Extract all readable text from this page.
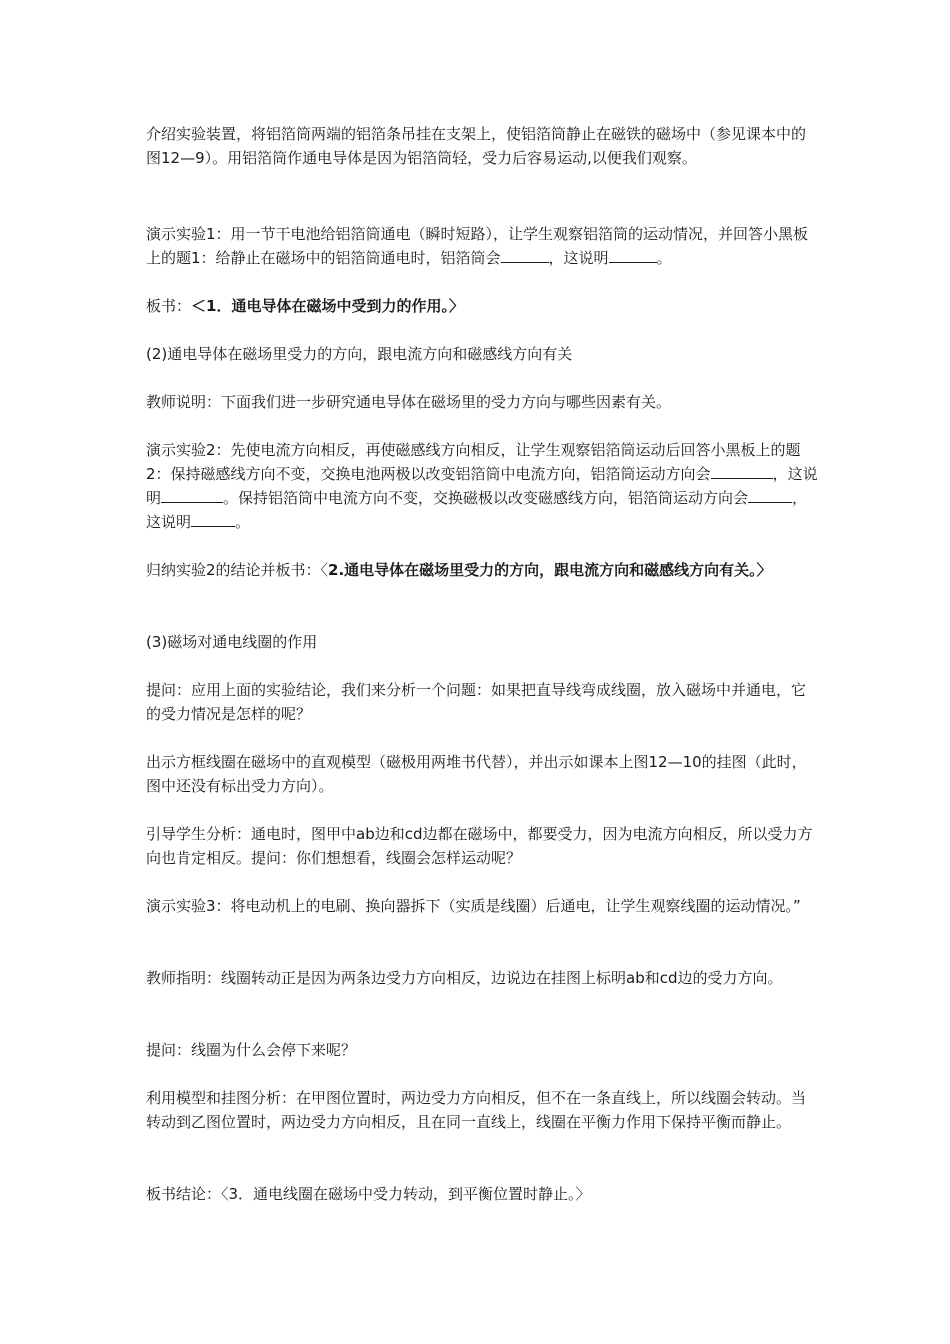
介绍实验装置，将铝箔筒两端的铝箔条吊挂在支架上，使铝箔筒静止在磁铁的磁场中（参见课本中的图12—9）。用铝箔筒作通电导体是因为铝箔筒轻，受力后容易运动,以便我们观察。

演示实验1：用一节干电池给铝箔筒通电（瞬时短路），让学生观察铝箔筒的运动情况，并回答小黑板上的题1：给静止在磁场中的铝箔筒通电时，铝箔筒会	，这说明	。

板书：＜1．通电导体在磁场中受到力的作用。〉

(2)通电导体在磁场里受力的方向，跟电流方向和磁感线方向有关

教师说明：下面我们进一步研究通电导体在磁场里的受力方向与哪些因素有关。

演示实验2：先使电流方向相反，再使磁感线方向相反，让学生观察铝箔筒运动后回答小黑板上的题2：保持磁感线方向不变，交换电池两极以改变铝箔筒中电流方向，铝箔筒运动方向会	，这说明	。保持铝箔筒中电流方向不变，交换磁极以改变磁感线方向，铝箔筒运动方向会	，这说明	。

归纳实验2的结论并板书：〈2.通电导体在磁场里受力的方向，跟电流方向和磁感线方向有关。〉

(3)磁场对通电线圈的作用

提问：应用上面的实验结论，我们来分析一个问题：如果把直导线弯成线圈，放入磁场中并通电，它的受力情况是怎样的呢？

出示方框线圈在磁场中的直观模型（磁极用两堆书代替），并出示如课本上图12—10的挂图（此时，图中还没有标出受力方向）。

引导学生分析：通电时，图甲中ab边和cd边都在磁场中，都要受力，因为电流方向相反，所以受力方向也肯定相反。提问：你们想想看，线圈会怎样运动呢？

演示实验3：将电动机上的电刷、换向器拆下（实质是线圈）后通电，让学生观察线圈的运动情况。”

教师指明：线圈转动正是因为两条边受力方向相反，边说边在挂图上标明ab和cd边的受力方向。

提问：线圈为什么会停下来呢？

利用模型和挂图分析：在甲图位置时，两边受力方向相反，但不在一条直线上，所以线圈会转动。当转动到乙图位置时，两边受力方向相反，且在同一直线上，线圈在平衡力作用下保持平衡而静止。

板书结论：〈3．通电线圈在磁场中受力转动，到平衡位置时静止。〉
